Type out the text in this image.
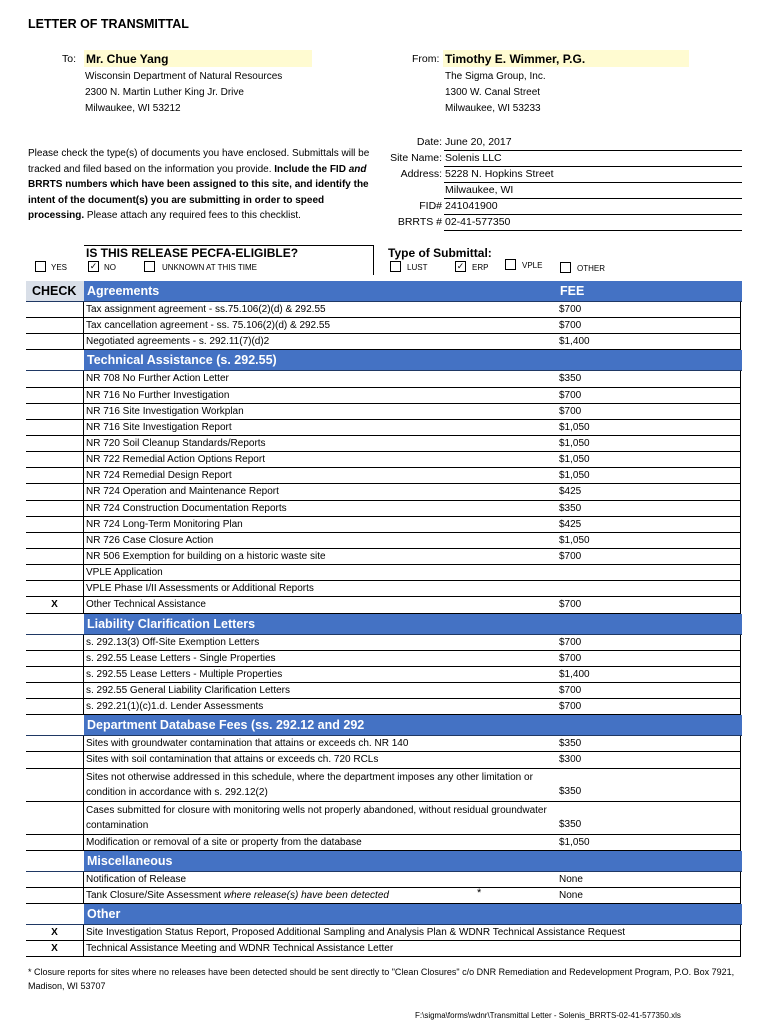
LETTER OF TRANSMITTAL
To: Mr. Chue Yang
Wisconsin Department of Natural Resources
2300 N. Martin Luther King Jr. Drive
Milwaukee, WI 53212
From: Timothy E. Wimmer, P.G.
The Sigma Group, Inc.
1300 W. Canal Street
Milwaukee, WI 53233
Please check the type(s) of documents you have enclosed. Submittals will be tracked and filed based on the information you provide. Include the FID and BRRTS numbers which have been assigned to this site, and identify the intent of the document(s) you are submitting in order to speed processing. Please attach any required fees to this checklist.
Date: June 20, 2017
Site Name: Solenis LLC
Address: 5228 N. Hopkins Street
Milwaukee, WI
FID# 241041900
BRRTS # 02-41-577350
IS THIS RELEASE PECFA-ELIGIBLE?
YES	✓ NO	UNKNOWN AT THIS TIME
Type of Submittal:
LUST	✓ ERP	VPLE	OTHER
CHECK Agreements	FEE
Tax assignment agreement - ss.75.106(2)(d) & 292.55	$700
Tax cancellation agreement - ss. 75.106(2)(d) & 292.55	$700
Negotiated agreements - s. 292.11(7)(d)2	$1,400
Technical Assistance (s. 292.55)
NR 708 No Further Action Letter	$350
NR 716 No Further Investigation	$700
NR 716 Site Investigation Workplan	$700
NR 716 Site Investigation Report	$1,050
NR 720 Soil Cleanup Standards/Reports	$1,050
NR 722 Remedial Action Options Report	$1,050
NR 724 Remedial Design Report	$1,050
NR 724 Operation and Maintenance Report	$425
NR 724 Construction Documentation Reports	$350
NR 724 Long-Term Monitoring Plan	$425
NR 726 Case Closure Action	$1,050
NR 506 Exemption for building on a historic waste site	$700
VPLE Application
VPLE Phase I/II Assessments or Additional Reports
X	Other Technical Assistance	$700
Liability Clarification Letters
s. 292.13(3) Off-Site Exemption Letters	$700
s. 292.55 Lease Letters - Single Properties	$700
s. 292.55 Lease Letters - Multiple Properties	$1,400
s. 292.55 General Liability Clarification Letters	$700
s. 292.21(1)(c)1.d. Lender Assessments	$700
Department Database Fees (ss. 292.12 and 292
Sites with groundwater contamination that attains or exceeds ch. NR 140	$350
Sites with soil contamination that attains or exceeds ch. 720 RCLs	$300
Sites not otherwise addressed in this schedule, where the department imposes any other limitation or condition in accordance with s. 292.12(2)	$350
Cases submitted for closure with monitoring wells not properly abandoned, without residual groundwater contamination	$350
Modification or removal of a site or property from the database	$1,050
Miscellaneous
Notification of Release	None
Tank Closure/Site Assessment where release(s) have been detected	*	None
Other
X	Site Investigation Status Report, Proposed Additional Sampling and Analysis Plan & WDNR Technical Assistance Request
X	Technical Assistance Meeting and WDNR Technical Assistance Letter
* Closure reports for sites where no releases have been detected should be sent directly to "Clean Closures" c/o DNR Remediation and Redevelopment Program, P.O. Box 7921, Madison, WI 53707
F:\sigma\forms\wdnr\Transmittal Letter - Solenis_BRRTS-02-41-577350.xls
